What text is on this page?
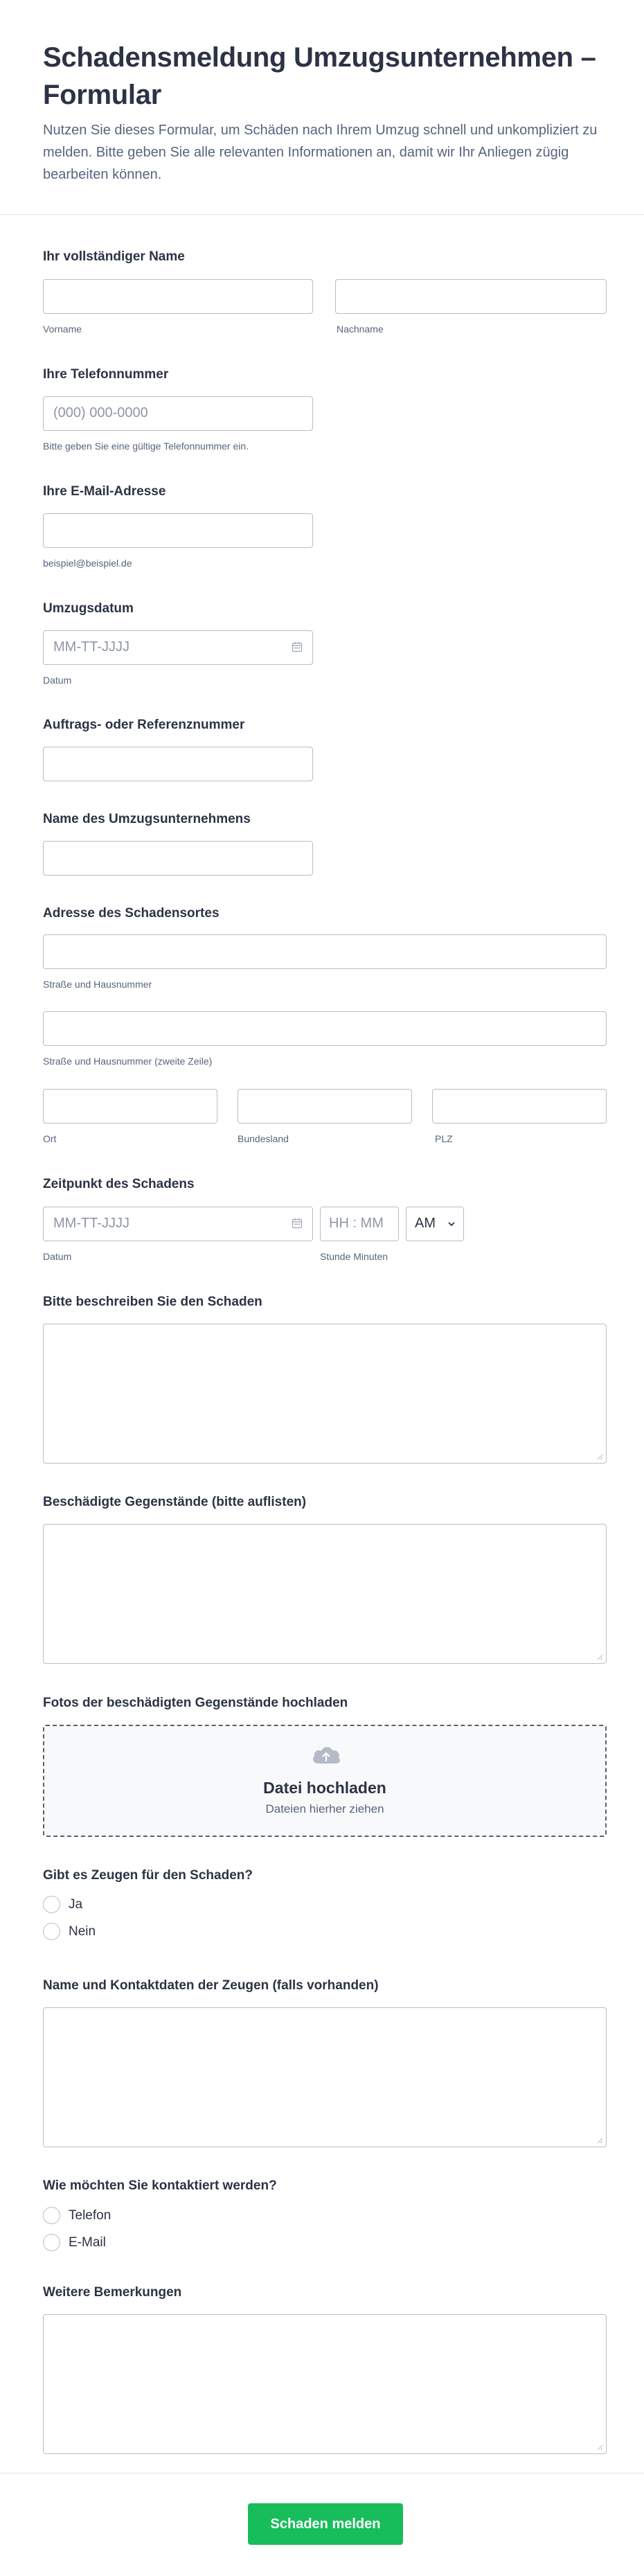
Schadensmeldung Umzugsunternehmen – Formular

Nutzen Sie dieses Formular, um Schäden nach Ihrem Umzug schnell und unkompliziert zu melden. Bitte geben Sie alle relevanten Informationen an, damit wir Ihr Anliegen zügig bearbeiten können.

Ihr vollständiger Name
Vorname	Nachname
Ihre Telefonnummer
(000) 000-0000
Bitte geben Sie eine gültige Telefonnummer ein.
Ihre E-Mail-Adresse
beispiel@beispiel.de
Umzugsdatum
MM-TT-JJJJ
Datum
Auftrags- oder Referenznummer
Name des Umzugsunternehmens
Adresse des Schadensortes
Straße und Hausnummer
Straße und Hausnummer (zweite Zeile)
Ort	Bundesland	PLZ
Zeitpunkt des Schadens
MM-TT-JJJJ
Datum
HH : MM
Stunde Minuten
AM
Bitte beschreiben Sie den Schaden
Beschädigte Gegenstände (bitte auflisten)
Fotos der beschädigten Gegenstände hochladen
Datei hochladen
Dateien hierher ziehen
Gibt es Zeugen für den Schaden?
Ja
Nein
Name und Kontaktdaten der Zeugen (falls vorhanden)
Wie möchten Sie kontaktiert werden?
Telefon
E-Mail
Weitere Bemerkungen
Schaden melden
